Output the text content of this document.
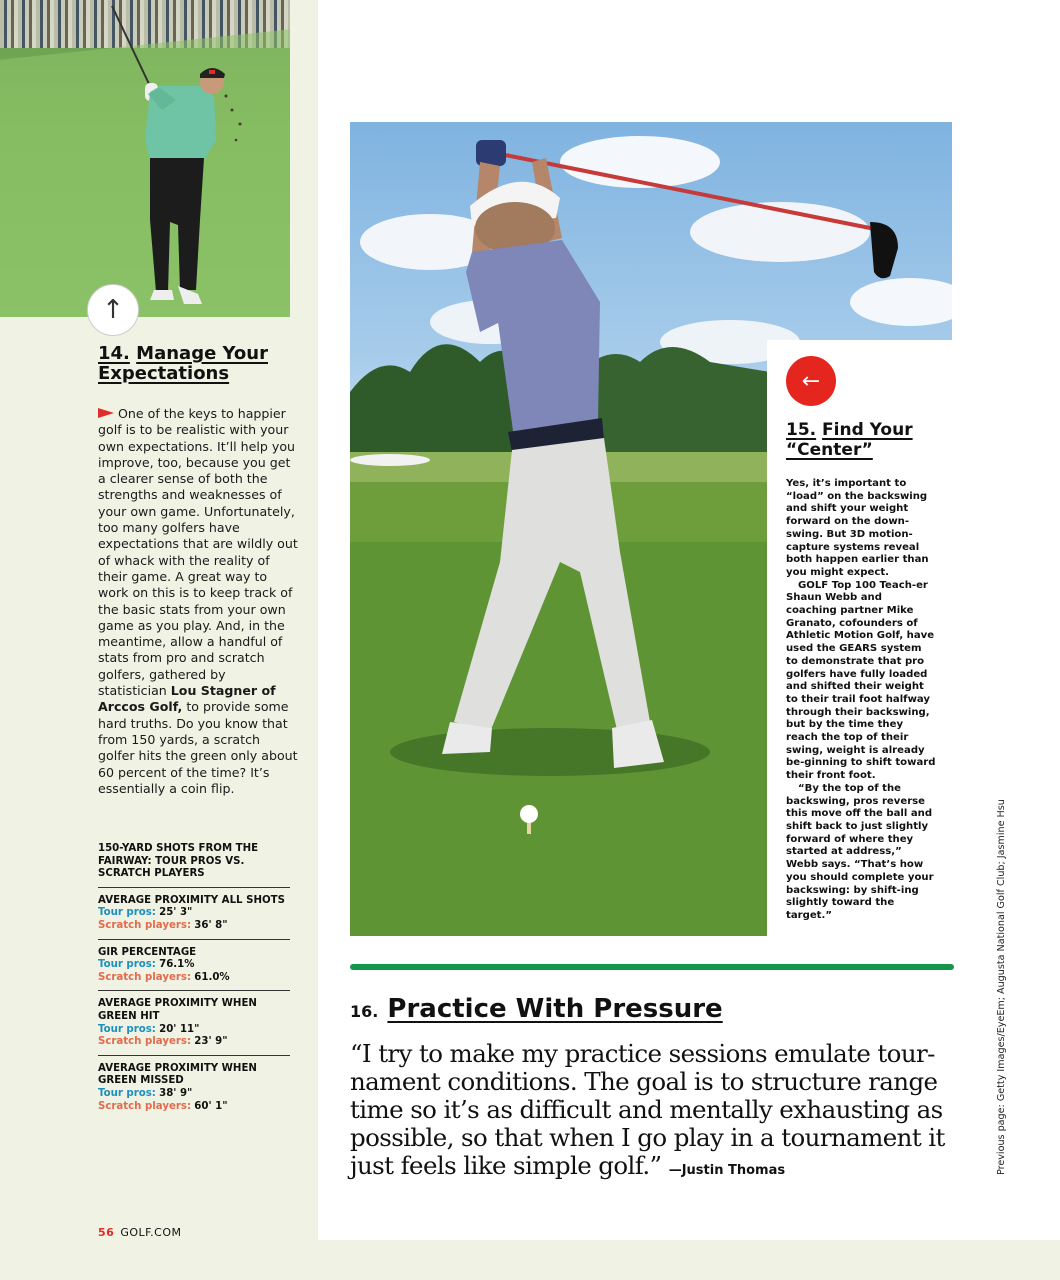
↑
14. Manage Your Expectations
One of the keys to happier golf is to be realistic with your own expectations. It’ll help you improve, too, because you get a clearer sense of both the strengths and weaknesses of your own game. Unfortunately, too many golfers have expectations that are wildly out of whack with the reality of their game. A great way to work on this is to keep track of the basic stats from your own game as you play. And, in the meantime, allow a handful of stats from pro and scratch golfers, gathered by statistician Lou Stagner of Arccos Golf, to provide some hard truths. Do you know that from 150 yards, a scratch golfer hits the green only about 60 percent of the time? It’s essentially a coin flip.
150-YARD SHOTS FROM THE FAIRWAY: TOUR PROS VS. SCRATCH PLAYERS
AVERAGE PROXIMITY ALL SHOTS
Tour pros: 25' 3"
Scratch players: 36' 8"
GIR PERCENTAGE
Tour pros: 76.1%
Scratch players: 61.0%
AVERAGE PROXIMITY WHEN GREEN HIT
Tour pros: 20' 11"
Scratch players: 23' 9"
AVERAGE PROXIMITY WHEN GREEN MISSED
Tour pros: 38' 9"
Scratch players: 60' 1"
56 GOLF.COM
←
15. Find Your “Center”

Yes, it’s important to “load” on the backswing and shift your weight forward on the down-swing. But 3D motion-capture systems reveal both happen earlier than you might expect.

GOLF Top 100 Teach-er Shaun Webb and coaching partner Mike Granato, cofounders of Athletic Motion Golf, have used the GEARS system to demonstrate that pro golfers have fully loaded and shifted their weight to their trail foot halfway through their backswing, but by the time they reach the top of their swing, weight is already be-ginning to shift toward their front foot.

“By the top of the backswing, pros reverse this move off the ball and shift back to just slightly forward of where they started at address,” Webb says. “That’s how you should complete your backswing: by shift-ing slightly toward the target.”

16. Practice With Pressure
“I try to make my practice sessions emulate tour-nament conditions. The goal is to structure range time so it’s as difficult and mentally exhausting as possible, so that when I go play in a tournament it just feels like simple golf.” —Justin Thomas	Previous page: Getty Images/EyeEm; Augusta National Golf Club; Jasmine Hsu
